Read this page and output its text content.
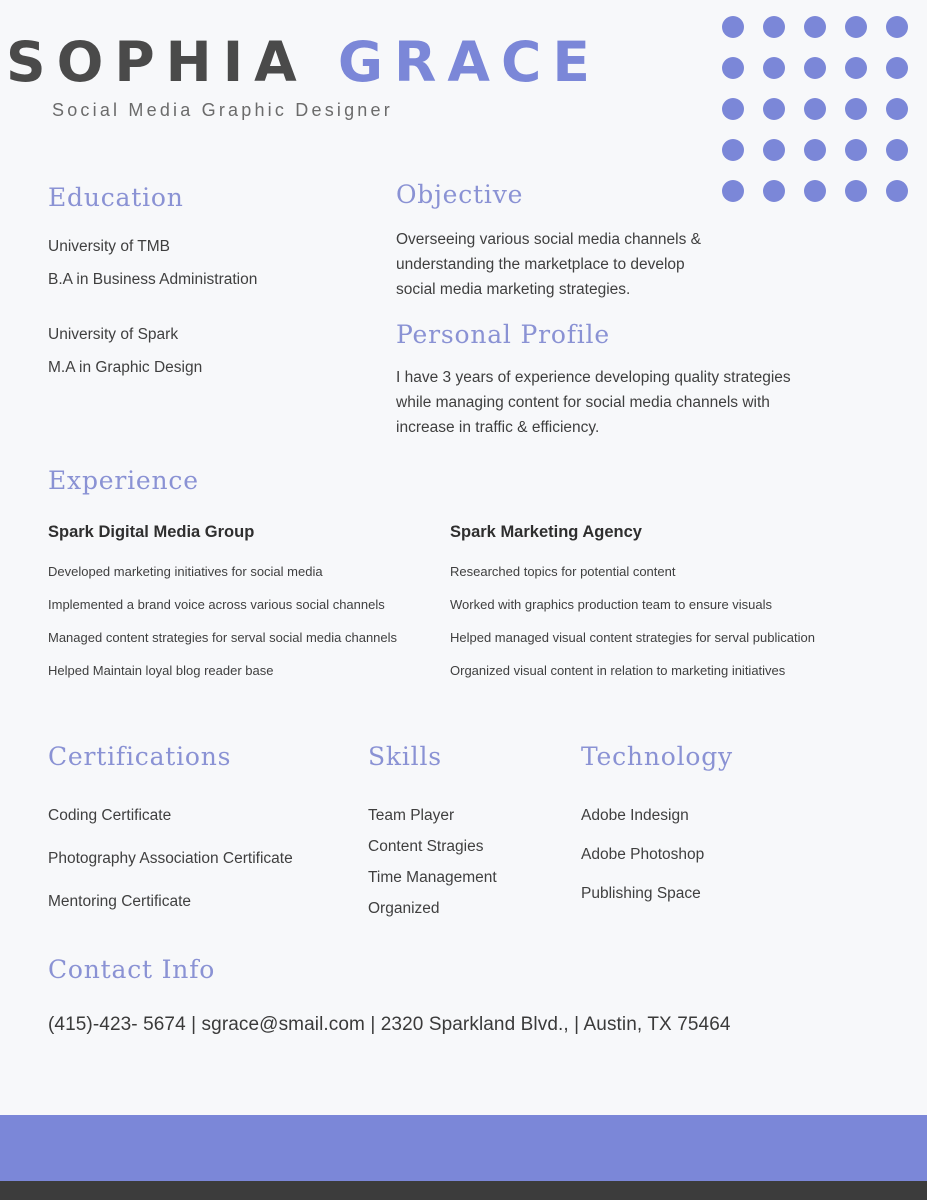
SOPHIA GRACE
Social Media Graphic Designer
Education
University of TMB
B.A in Business Administration
University of Spark
M.A in Graphic Design
Objective
Overseeing various social media channels & understanding the marketplace to develop social media marketing strategies.
Personal Profile
I have 3 years of experience developing quality strategies while managing content for social media channels with increase in traffic & efficiency.
Experience
Spark Digital Media Group
Developed marketing initiatives for social media
Implemented a brand voice across various social channels
Managed content strategies for serval social media channels
Helped Maintain loyal blog reader base
Spark Marketing Agency
Researched topics for potential content
Worked with graphics production team to ensure visuals
Helped managed visual content strategies for serval publication
Organized visual content in relation to marketing initiatives
Certifications
Coding Certificate
Photography Association Certificate
Mentoring Certificate
Skills
Team Player
Content Stragies
Time Management
Organized
Technology
Adobe Indesign
Adobe Photoshop
Publishing Space
Contact Info
(415)-423- 5674 | sgrace@smail.com | 2320 Sparkland Blvd., | Austin, TX 75464
